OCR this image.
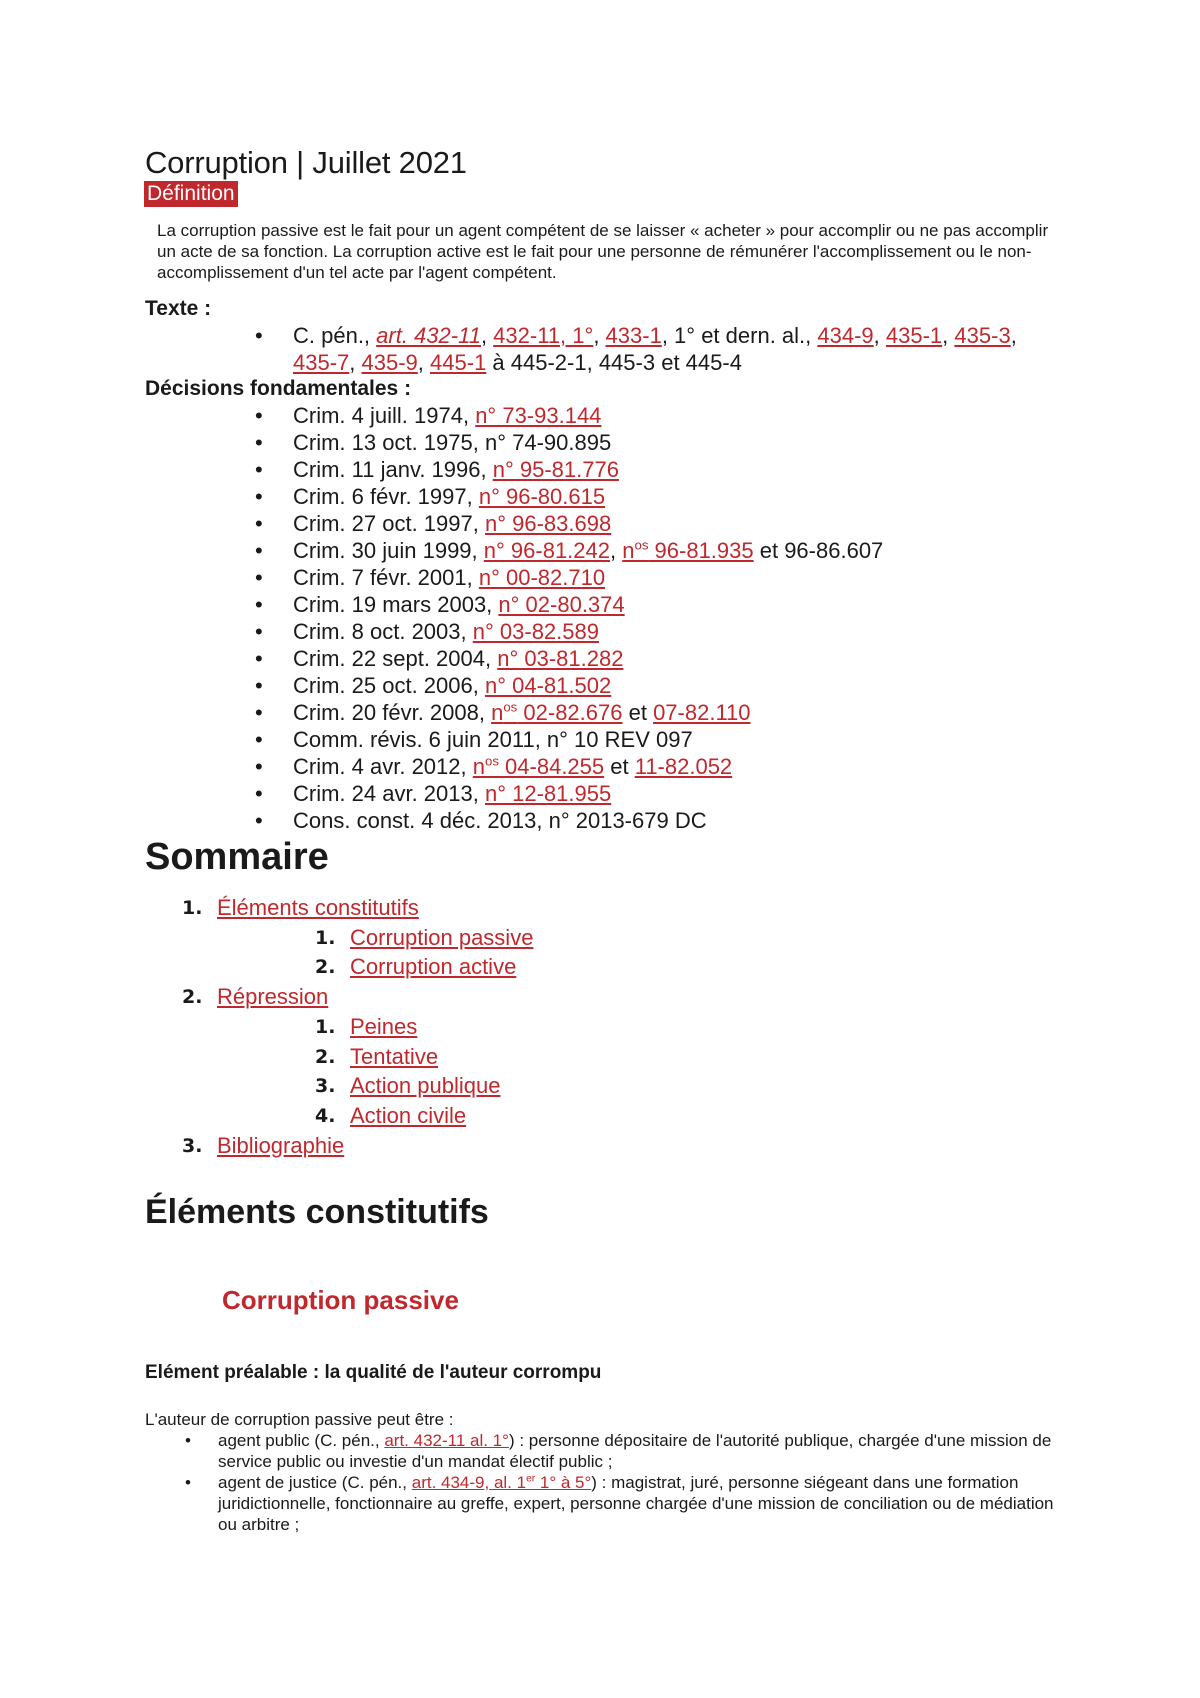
Corruption | Juillet 2021
Définition
La corruption passive est le fait pour un agent compétent de se laisser « acheter » pour accomplir ou ne pas accomplir un acte de sa fonction. La corruption active est le fait pour une personne de rémunérer l'accomplissement ou le non-accomplissement d'un tel acte par l'agent compétent.
Texte :
• C. pén., art. 432-11, 432-11, 1°, 433-1, 1° et dern. al., 434-9, 435-1, 435-3, 435-7, 435-9, 445-1 à 445-2-1, 445-3 et 445-4
Décisions fondamentales :
• Crim. 4 juill. 1974, n° 73-93.144
• Crim. 13 oct. 1975, n° 74-90.895
• Crim. 11 janv. 1996, n° 95-81.776
• Crim. 6 févr. 1997, n° 96-80.615
• Crim. 27 oct. 1997, n° 96-83.698
• Crim. 30 juin 1999, n° 96-81.242, $n^{os}$ 96-81.935 et 96-86.607
• Crim. 7 févr. 2001, n° 00-82.710
• Crim. 19 mars 2003, n° 02-80.374
• Crim. 8 oct. 2003, n° 03-82.589
• Crim. 22 sept. 2004, n° 03-81.282
• Crim. 25 oct. 2006, n° 04-81.502
• Crim. 20 févr. 2008, $n^{os}$ 02-82.676 et 07-82.110
• Comm. révis. 6 juin 2011, n° 10 REV 097
• Crim. 4 avr. 2012, $n^{os}$ 04-84.255 et 11-82.052
• Crim. 24 avr. 2013, n° 12-81.955
• Cons. const. 4 déc. 2013, n° 2013-679 DC
Sommaire
1. Éléments constitutifs
1. Corruption passive
2. Corruption active
2. Répression
1. Peines
2. Tentative
3. Action publique
4. Action civile
3. Bibliographie
Éléments constitutifs
Corruption passive
Elément préalable : la qualité de l'auteur corrompu
L'auteur de corruption passive peut être :
• agent public (C. pén., art. 432-11 al. 1°) : personne dépositaire de l'autorité publique, chargée d'une mission de service public ou investie d'un mandat électif public ;
• agent de justice (C. pén., art. 434-9, al. 1er 1° à 5°) : magistrat, juré, personne siégeant dans une formation juridictionnelle, fonctionnaire au greffe, expert, personne chargée d'une mission de conciliation ou de médiation ou arbitre ;
